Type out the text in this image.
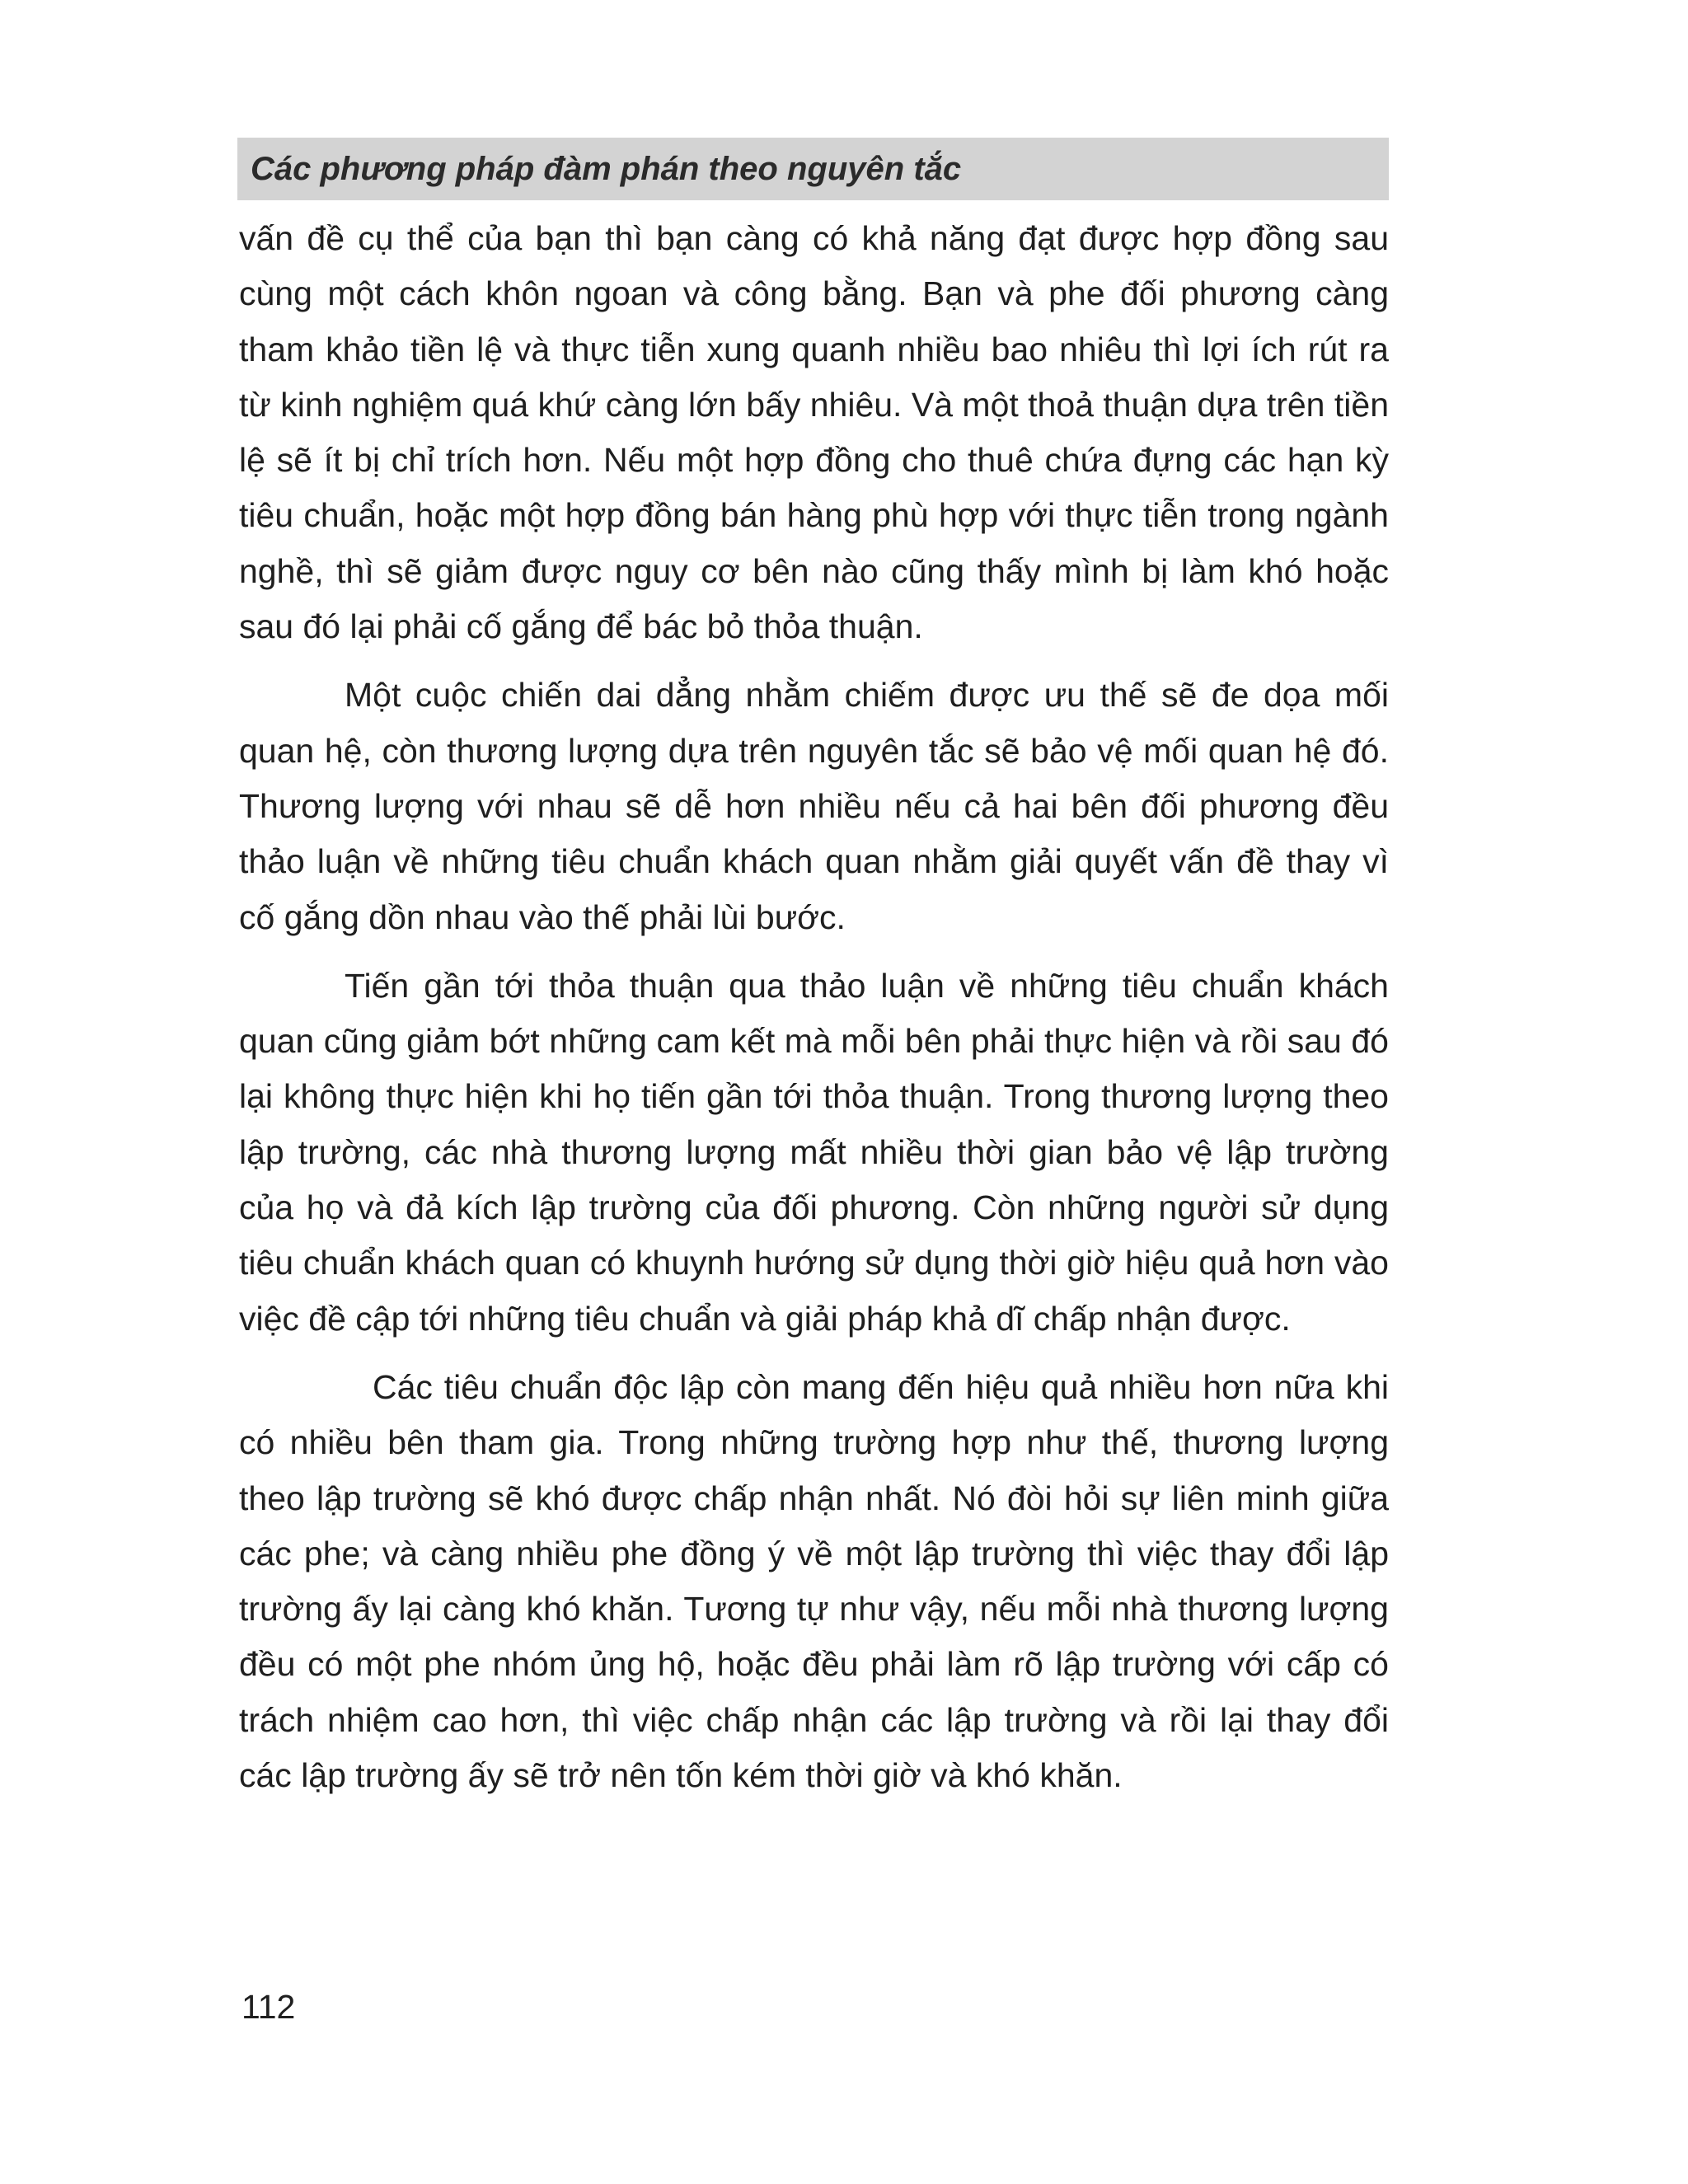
Các phương pháp đàm phán theo nguyên tắc

vấn đề cụ thể của bạn thì bạn càng có khả năng đạt được hợp đồng sau cùng một cách khôn ngoan và công bằng. Bạn và phe đối phương càng tham khảo tiền lệ và thực tiễn xung quanh nhiều bao nhiêu thì lợi ích rút ra từ kinh nghiệm quá khứ càng lớn bấy nhiêu. Và một thoả thuận dựa trên tiền lệ sẽ ít bị chỉ trích hơn. Nếu một hợp đồng cho thuê chứa đựng các hạn kỳ tiêu chuẩn, hoặc một hợp đồng bán hàng phù hợp với thực tiễn trong ngành nghề, thì sẽ giảm được nguy cơ bên nào cũng thấy mình bị làm khó hoặc sau đó lại phải cố gắng để bác bỏ thỏa thuận.

Một cuộc chiến dai dẳng nhằm chiếm được ưu thế sẽ đe dọa mối quan hệ, còn thương lượng dựa trên nguyên tắc sẽ bảo vệ mối quan hệ đó. Thương lượng với nhau sẽ dễ hơn nhiều nếu cả hai bên đối phương đều thảo luận về những tiêu chuẩn khách quan nhằm giải quyết vấn đề thay vì cố gắng dồn nhau vào thế phải lùi bước.

Tiến gần tới thỏa thuận qua thảo luận về những tiêu chuẩn khách quan cũng giảm bớt những cam kết mà mỗi bên phải thực hiện và rồi sau đó lại không thực hiện khi họ tiến gần tới thỏa thuận. Trong thương lượng theo lập trường, các nhà thương lượng mất nhiều thời gian bảo vệ lập trường của họ và đả kích lập trường của đối phương. Còn những người sử dụng tiêu chuẩn khách quan có khuynh hướng sử dụng thời giờ hiệu quả hơn vào việc đề cập tới những tiêu chuẩn và giải pháp khả dĩ chấp nhận được.

Các tiêu chuẩn độc lập còn mang đến hiệu quả nhiều hơn nữa khi có nhiều bên tham gia. Trong những trường hợp như thế, thương lượng theo lập trường sẽ khó được chấp nhận nhất. Nó đòi hỏi sự liên minh giữa các phe; và càng nhiều phe đồng ý về một lập trường thì việc thay đổi lập trường ấy lại càng khó khăn. Tương tự như vậy, nếu mỗi nhà thương lượng đều có một phe nhóm ủng hộ, hoặc đều phải làm rõ lập trường với cấp có trách nhiệm cao hơn, thì việc chấp nhận các lập trường và rồi lại thay đổi các lập trường ấy sẽ trở nên tốn kém thời giờ và khó khăn.

112
